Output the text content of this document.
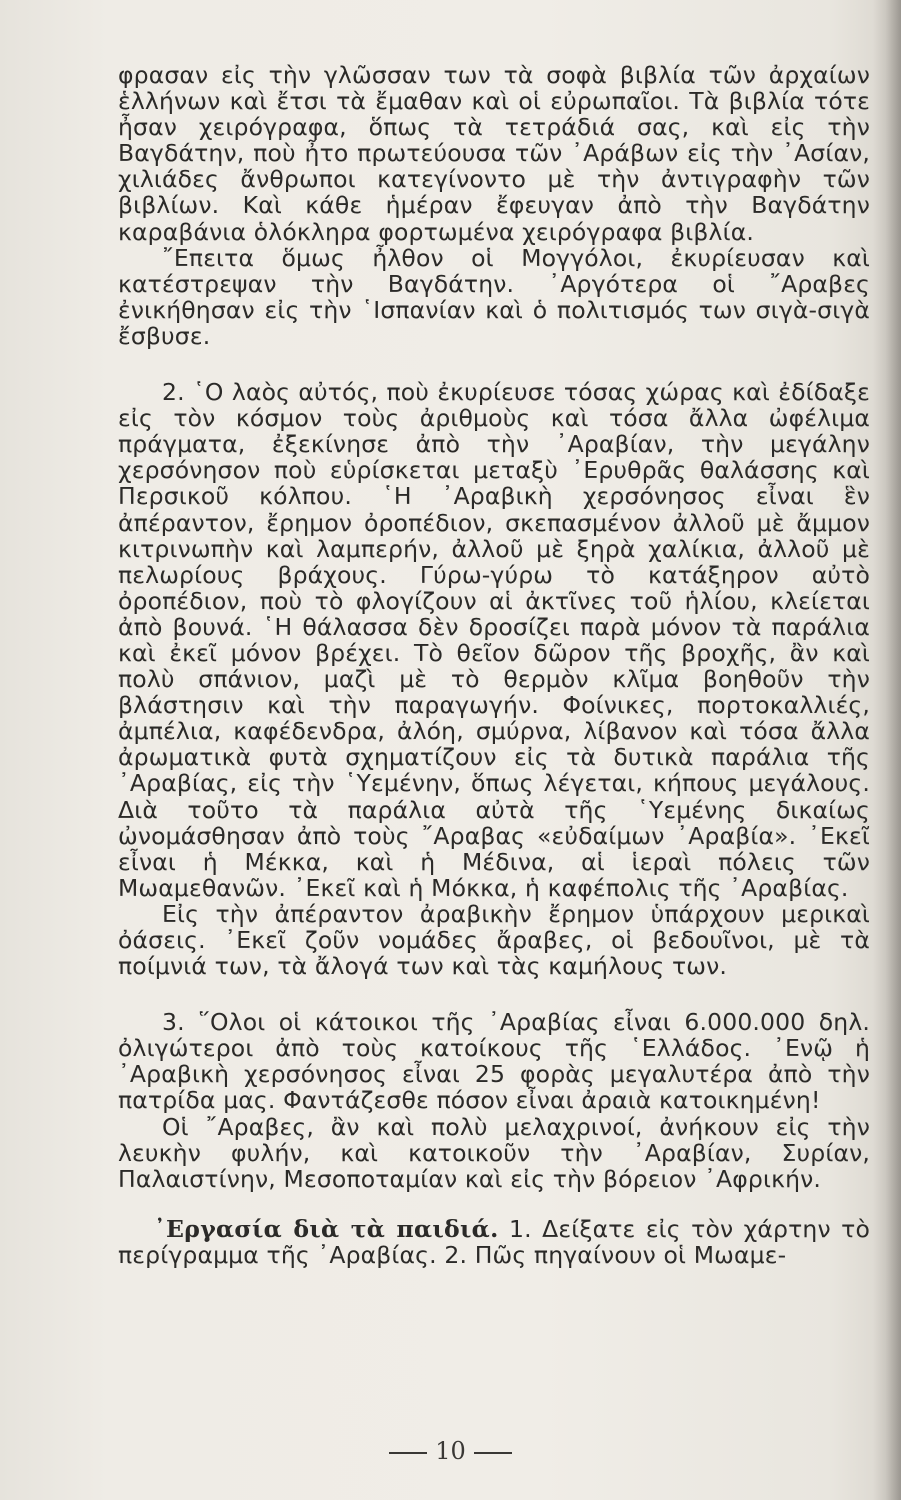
φρασαν εἰς τὴν γλῶσσαν των τὰ σοφὰ βιβλία τῶν ἀρχαίων ἑλλήνων καὶ ἔτσι τὰ ἔμαθαν καὶ οἱ εὐρωπαῖοι. Τὰ βιβλία τότε ἦσαν χειρόγραφα, ὅπως τὰ τετράδιά σας, καὶ εἰς τὴν Βαγδάτην, ποὺ ἦτο πρωτεύουσα τῶν ᾿Αράβων εἰς τὴν ᾿Ασίαν, χιλιάδες ἄνθρωποι κατεγίνοντο μὲ τὴν ἀντιγραφὴν τῶν βιβλίων. Καὶ κάθε ἡμέραν ἔφευγαν ἀπὸ τὴν Βαγδάτην καραβάνια ὁλόκληρα φορτωμένα χειρόγραφα βιβλία.

῎Επειτα ὅμως ἦλθον οἱ Μογγόλοι, ἐκυρίευσαν καὶ κατέστρεψαν τὴν Βαγδάτην. ᾿Αργότερα οἱ ῎Αραβες ἐνικήθησαν εἰς τὴν ῾Ισπανίαν καὶ ὁ πολιτισμός των σιγὰ-σιγὰ ἔσβυσε.

2. ῾Ο λαὸς αὐτός, ποὺ ἐκυρίευσε τόσας χώρας καὶ ἐδίδαξε εἰς τὸν κόσμον τοὺς ἀριθμοὺς καὶ τόσα ἄλλα ὠφέλιμα πράγματα, ἐξεκίνησε ἀπὸ τὴν ᾿Αραβίαν, τὴν μεγάλην χερσόνησον ποὺ εὑρίσκεται μεταξὺ ᾿Ερυθρᾶς θαλάσσης καὶ Περσικοῦ κόλπου. ῾Η ᾿Αραβικὴ χερσόνησος εἶναι ἓν ἀπέραντον, ἔρημον ὀροπέδιον, σκεπασμένον ἀλλοῦ μὲ ἄμμον κιτρινωπὴν καὶ λαμπερήν, ἀλλοῦ μὲ ξηρὰ χαλίκια, ἀλλοῦ μὲ πελωρίους βράχους. Γύρω-γύρω τὸ κατάξηρον αὐτὸ ὀροπέδιον, ποὺ τὸ φλογίζουν αἱ ἀκτῖνες τοῦ ἡλίου, κλείεται ἀπὸ βουνά. ῾Η θάλασσα δὲν δροσίζει παρὰ μόνον τὰ παράλια καὶ ἐκεῖ μόνον βρέχει. Τὸ θεῖον δῶρον τῆς βροχῆς, ἂν καὶ πολὺ σπάνιον, μαζὶ μὲ τὸ θερμὸν κλῖμα βοηθοῦν τὴν βλάστησιν καὶ τὴν παραγωγήν. Φοίνικες, πορτοκαλλιές, ἀμπέλια, καφέδενδρα, ἀλόη, σμύρνα, λίβανον καὶ τόσα ἄλλα ἀρωματικὰ φυτὰ σχηματίζουν εἰς τὰ δυτικὰ παράλια τῆς ᾿Αραβίας, εἰς τὴν ῾Υεμένην, ὅπως λέγεται, κήπους μεγάλους. Διὰ τοῦτο τὰ παράλια αὐτὰ τῆς ῾Υεμένης δικαίως ὠνομάσθησαν ἀπὸ τοὺς ῎Αραβας «εὐδαίμων ᾿Αραβία». ᾿Εκεῖ εἶναι ἡ Μέκκα, καὶ ἡ Μέδινα, αἱ ἱεραὶ πόλεις τῶν Μωαμεθανῶν. ᾿Εκεῖ καὶ ἡ Μόκκα, ἡ καφέπολις τῆς ᾿Αραβίας.

Εἰς τὴν ἀπέραντον ἀραβικὴν ἔρημον ὑπάρχουν μερικαὶ ὀάσεις. ᾿Εκεῖ ζοῦν νομάδες ἄραβες, οἱ βεδουῖνοι, μὲ τὰ ποίμνιά των, τὰ ἄλογά των καὶ τὰς καμήλους των.

3. ῞Ολοι οἱ κάτοικοι τῆς ᾿Αραβίας εἶναι 6.000.000 δηλ. ὀλιγώτεροι ἀπὸ τοὺς κατοίκους τῆς ῾Ελλάδος. ᾿Ενῷ ἡ ᾿Αραβικὴ χερσόνησος εἶναι 25 φορὰς μεγαλυτέρα ἀπὸ τὴν πατρίδα μας. Φαντάζεσθε πόσον εἶναι ἀραιὰ κατοικημένη!

Οἱ ῎Αραβες, ἂν καὶ πολὺ μελαχρινοί, ἀνήκουν εἰς τὴν λευκὴν φυλήν, καὶ κατοικοῦν τὴν ᾿Αραβίαν, Συρίαν, Παλαιστίνην, Μεσοποταμίαν καὶ εἰς τὴν βόρειον ᾿Αφρικήν.

᾿Εργασία διὰ τὰ παιδιά. 1. Δείξατε εἰς τὸν χάρτην τὸ περίγραμμα τῆς ᾿Αραβίας. 2. Πῶς πηγαίνουν οἱ Μωαμε-

10
